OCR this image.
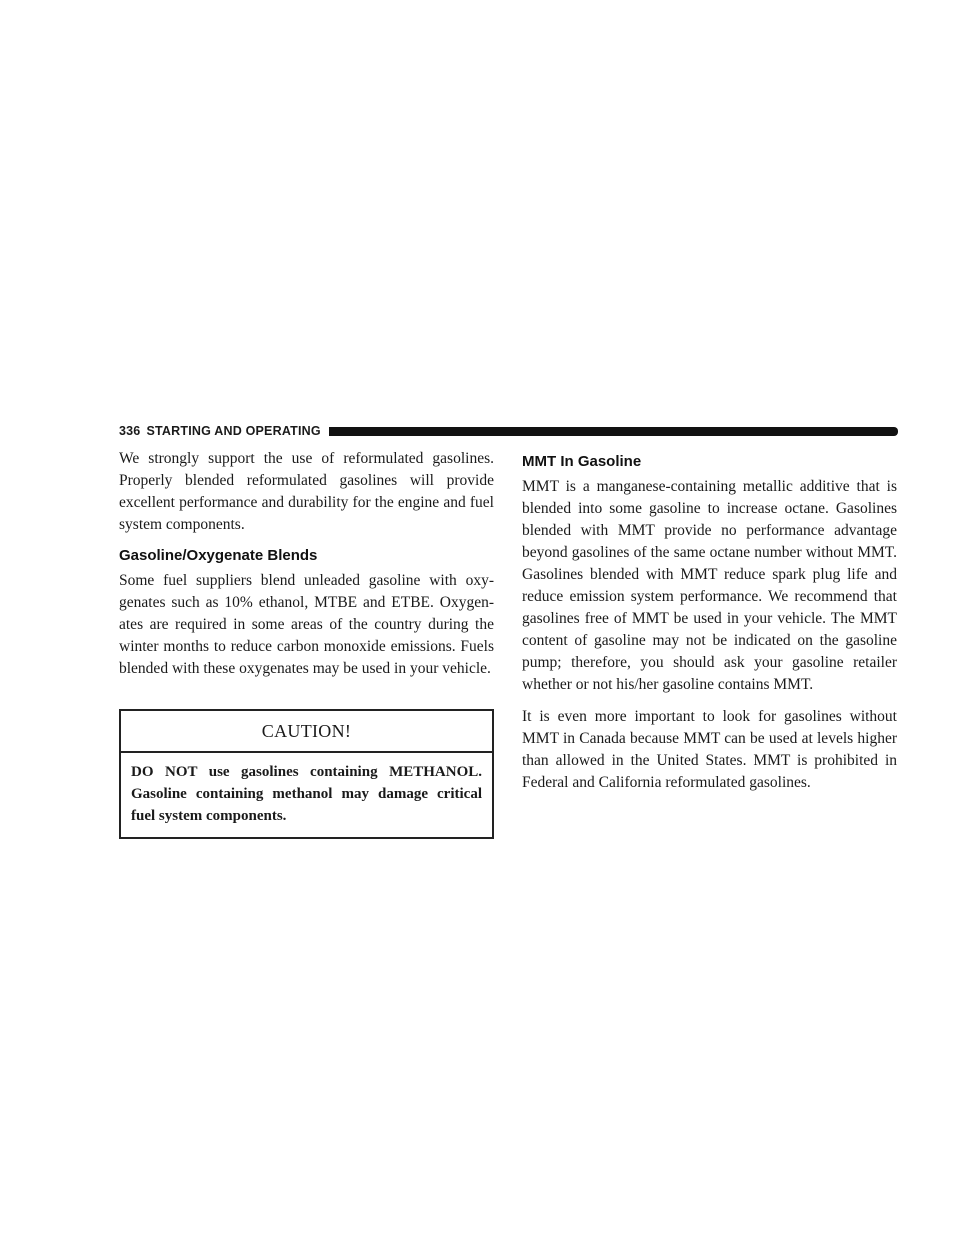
336 STARTING AND OPERATING

We strongly support the use of reformulated gasolines. Properly blended reformulated gasolines will provide excellent performance and durability for the engine and fuel system components.

Gasoline/Oxygenate Blends

Some fuel suppliers blend unleaded gasoline with oxygenates such as 10% ethanol, MTBE and ETBE. Oxygenates are required in some areas of the country during the winter months to reduce carbon monoxide emissions. Fuels blended with these oxygenates may be used in your vehicle.

CAUTION!
DO NOT use gasolines containing METHANOL. Gasoline containing methanol may damage critical fuel system components.
MMT In Gasoline

MMT is a manganese-containing metallic additive that is blended into some gasoline to increase octane. Gasolines blended with MMT provide no performance advantage beyond gasolines of the same octane number without MMT. Gasolines blended with MMT reduce spark plug life and reduce emission system performance. We recommend that gasolines free of MMT be used in your vehicle. The MMT content of gasoline may not be indicated on the gasoline pump; therefore, you should ask your gasoline retailer whether or not his/her gasoline contains MMT.

It is even more important to look for gasolines without MMT in Canada because MMT can be used at levels higher than allowed in the United States. MMT is prohibited in Federal and California reformulated gasolines.
